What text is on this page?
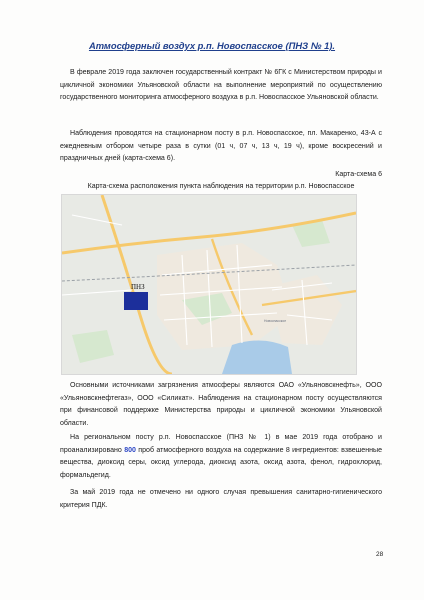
Атмосферный воздух р.п. Новоспасское (ПНЗ № 1).
В феврале 2019 года заключен государственный контракт № 6ГК с Министерством природы и цикличной экономики Ульяновской области на выполнение мероприятий по осуществлению государственного мониторинга атмосферного воздуха в р.п. Новоспасское Ульяновской области.
Наблюдения проводятся на стационарном посту в р.п. Новоспасское, пл. Макаренко, 43-А с ежедневным отбором четыре раза в сутки (01 ч, 07 ч, 13 ч, 19 ч), кроме воскресений и праздничных дней (карта-схема 6).
Карта-схема 6
Карта-схема расположения пункта наблюдения на территории р.п. Новоспасское
Новоспасское
ПНЗ
Основными источниками загрязнения атмосферы являются ОАО «Ульяновскнефть», ООО «Ульяновскнефтегаз», ООО «Силикат». Наблюдения на стационарном посту осуществляются при финансовой поддержке Министерства природы и цикличной экономики Ульяновской области.
На региональном посту р.п. Новоспасское (ПНЗ № 1) в мае 2019 года отобрано и проанализировано 800 проб атмосферного воздуха на содержание 8 ингредиентов: взвешенные вещества, диоксид серы, оксид углерода, диоксид азота, оксид азота, фенол, гидрохлорид, формальдегид.
За май 2019 года не отмечено ни одного случая превышения санитарно-гигиенического критерия ПДК.
28
